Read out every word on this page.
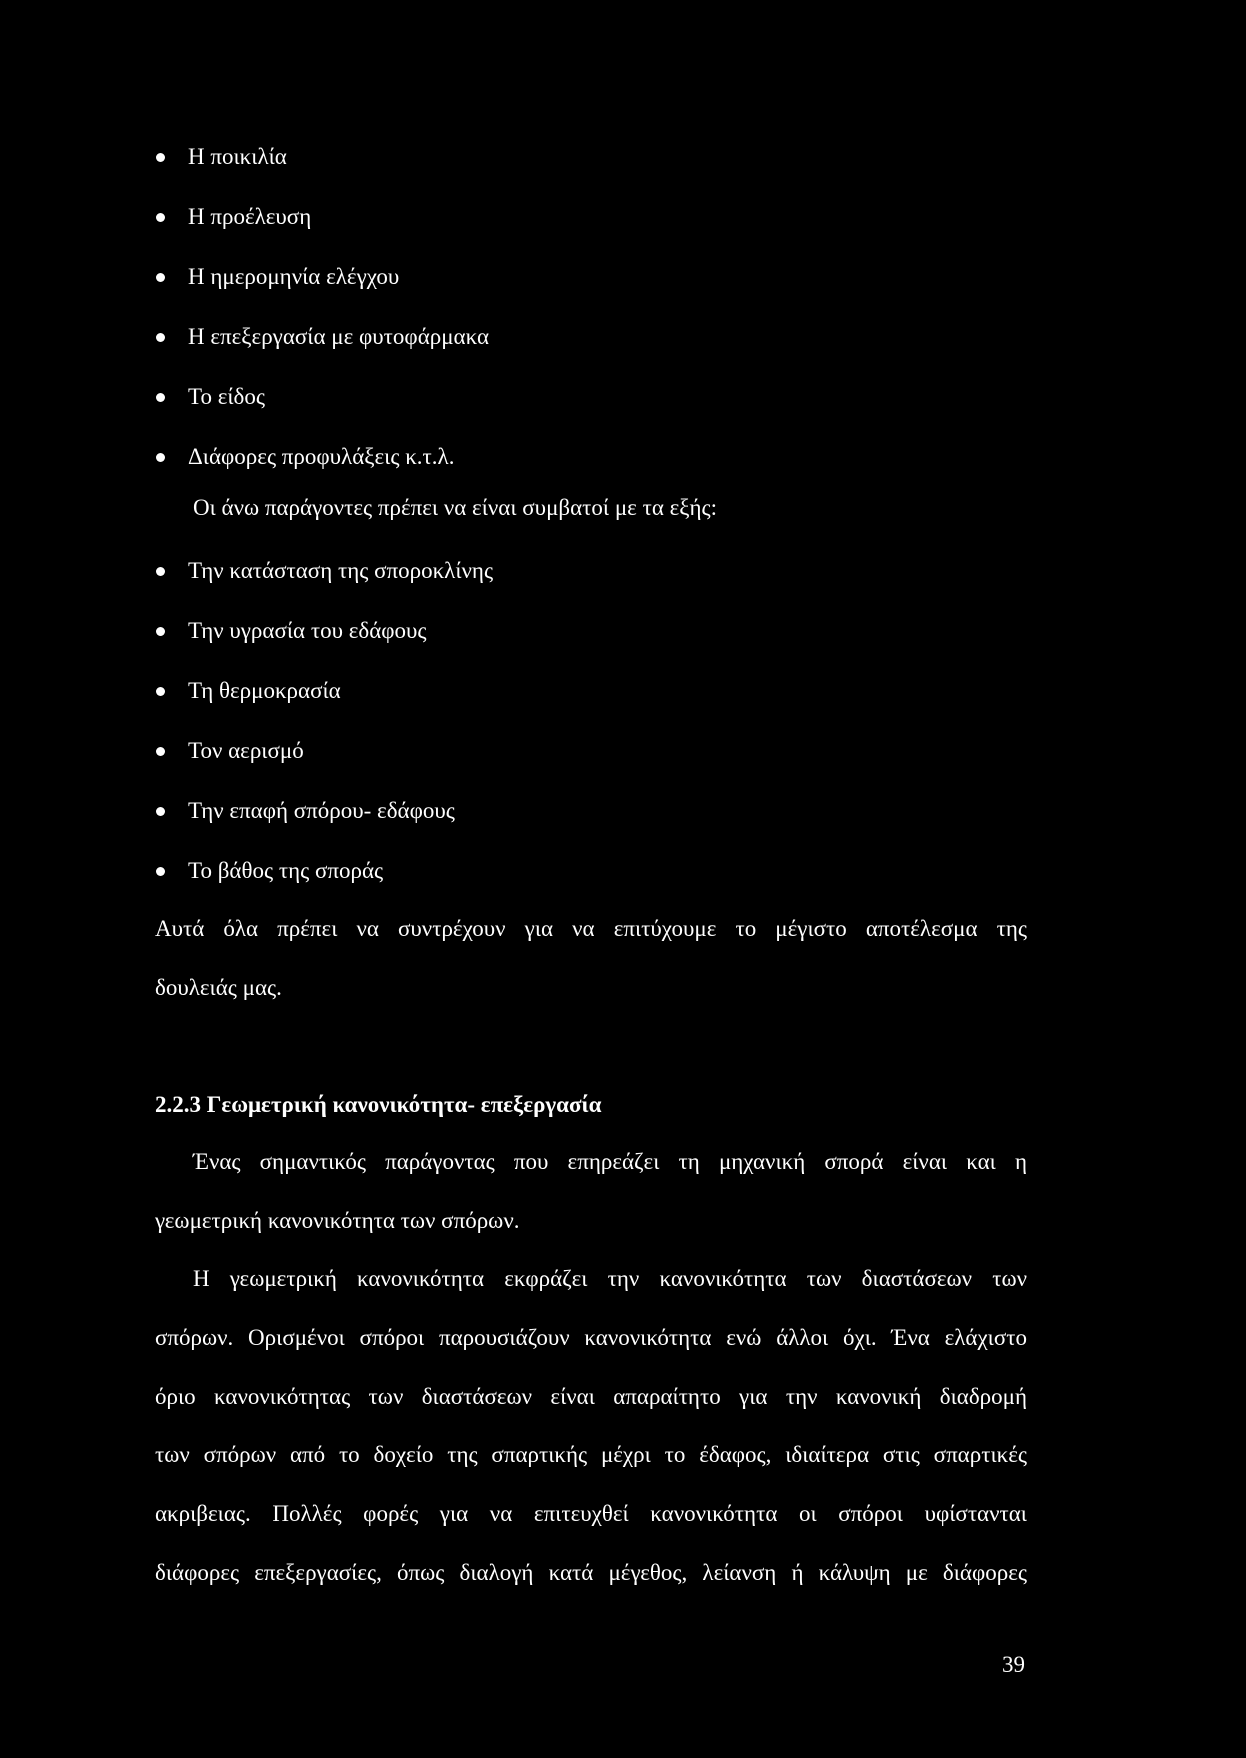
Η ποικιλία
Η προέλευση
Η ημερομηνία ελέγχου
Η επεξεργασία με φυτοφάρμακα
Το είδος
Διάφορες προφυλάξεις κ.τ.λ.
Οι άνω παράγοντες πρέπει να είναι συμβατοί με τα εξής:
Την κατάσταση της σποροκλίνης
Την υγρασία του εδάφους
Τη θερμοκρασία
Τον αερισμό
Την επαφή σπόρου- εδάφους
Το βάθος της σποράς
Αυτά όλα πρέπει να συντρέχουν για να επιτύχουμε το μέγιστο αποτέλεσμα της
δουλειάς μας.
2.2.3 Γεωμετρική κανονικότητα- επεξεργασία
Ένας σημαντικός παράγοντας που επηρεάζει τη μηχανική σπορά είναι και η
γεωμετρική κανονικότητα των σπόρων.
Η γεωμετρική κανονικότητα εκφράζει την κανονικότητα των διαστάσεων των
σπόρων. Ορισμένοι σπόροι παρουσιάζουν κανονικότητα ενώ άλλοι όχι. Ένα ελάχιστο
όριο κανονικότητας των διαστάσεων είναι απαραίτητο για την κανονική διαδρομή
των σπόρων από το δοχείο της σπαρτικής μέχρι το έδαφος, ιδιαίτερα στις σπαρτικές
ακριβειας. Πολλές φορές για να επιτευχθεί κανονικότητα οι σπόροι υφίστανται
διάφορες επεξεργασίες, όπως διαλογή κατά μέγεθος, λείανση ή κάλυψη με διάφορες
39
